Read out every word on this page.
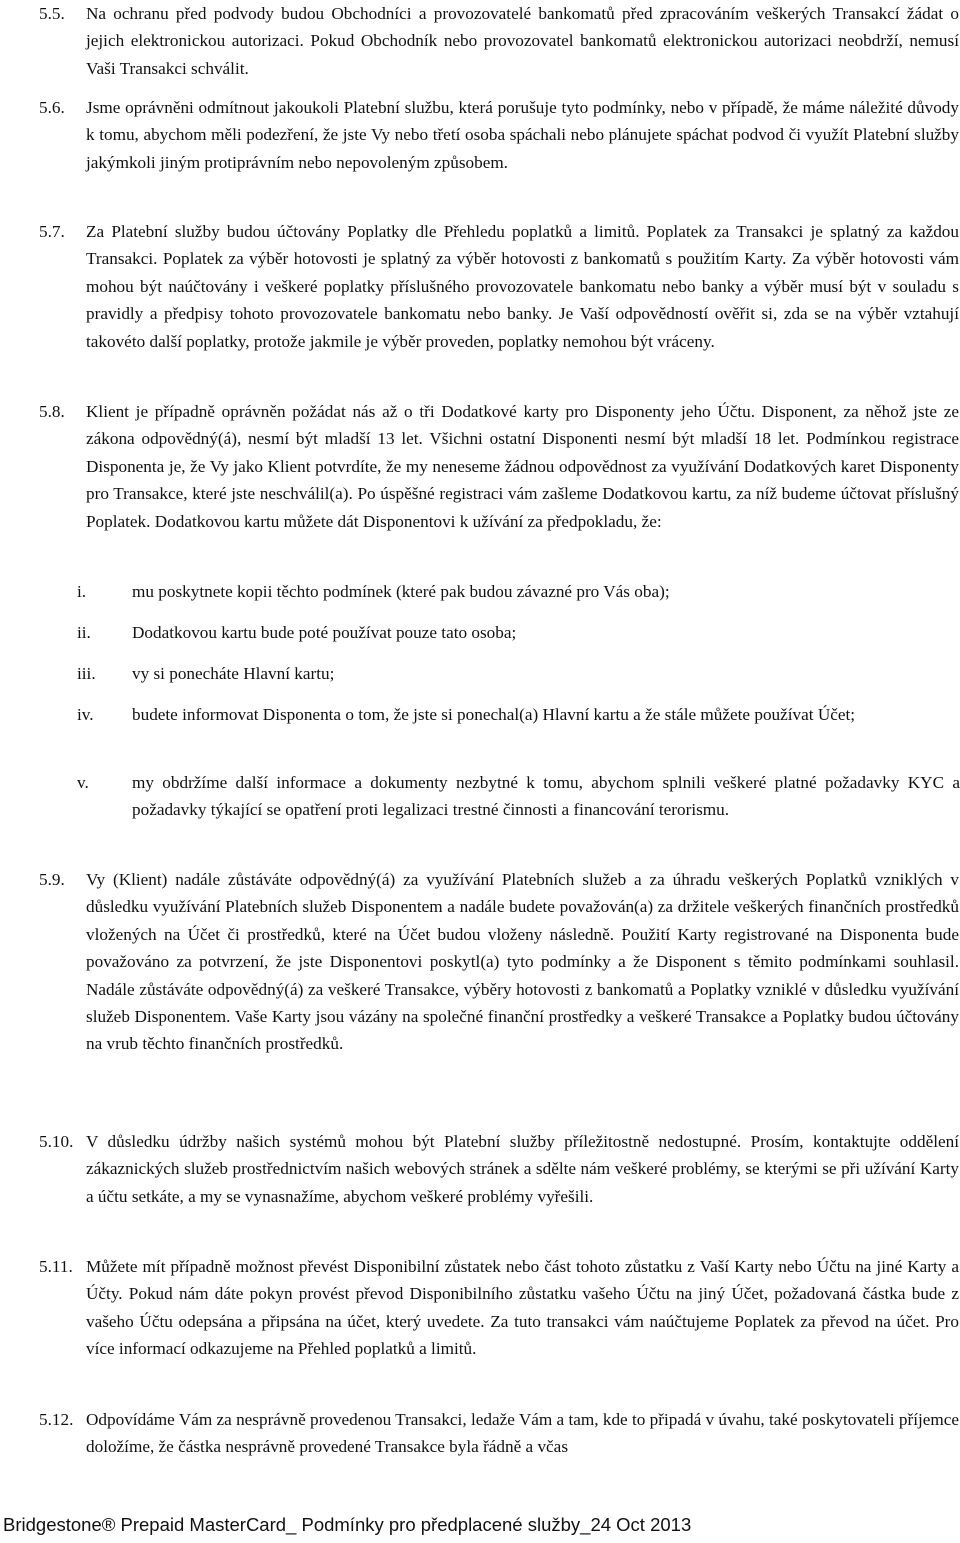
5.5.	Na ochranu před podvody budou Obchodníci a provozovatelé bankomatů před zpracováním veškerých Transakcí žádat o jejich elektronickou autorizaci. Pokud Obchodník nebo provozovatel bankomatů elektronickou autorizaci neobdrží, nemusí Vaši Transakci schválit.
5.6.	Jsme oprávněni odmítnout jakoukoli Platební službu, která porušuje tyto podmínky, nebo v případě, že máme náležité důvody k tomu, abychom měli podezření, že jste Vy nebo třetí osoba spáchali nebo plánujete spáchat podvod či využít Platební služby jakýmkoli jiným protiprávním nebo nepovoleným způsobem.
5.7.	Za Platební služby budou účtovány Poplatky dle Přehledu poplatků a limitů. Poplatek za Transakci je splatný za každou Transakci. Poplatek za výběr hotovosti je splatný za výběr hotovosti z bankomatů s použitím Karty. Za výběr hotovosti vám mohou být naúčtovány i veškeré poplatky příslušného provozovatele bankomatu nebo banky a výběr musí být v souladu s pravidly a předpisy tohoto provozovatele bankomatu nebo banky. Je Vaší odpovědností ověřit si, zda se na výběr vztahují takovéto další poplatky, protože jakmile je výběr proveden, poplatky nemohou být vráceny.
5.8.	Klient je případně oprávněn požádat nás až o tři Dodatkové karty pro Disponenty jeho Účtu. Disponent, za něhož jste ze zákona odpovědný(á), nesmí být mladší 13 let. Všichni ostatní Disponenti nesmí být mladší 18 let. Podmínkou registrace Disponenta je, že Vy jako Klient potvrdíte, že my neneseme žádnou odpovědnost za využívání Dodatkových karet Disponenty pro Transakce, které jste neschválil(a). Po úspěšné registraci vám zašleme Dodatkovou kartu, za níž budeme účtovat příslušný Poplatek. Dodatkovou kartu můžete dát Disponentovi k užívání za předpokladu, že:
i.	mu poskytnete kopii těchto podmínek (které pak budou závazné pro Vás oba);
ii.	Dodatkovou kartu bude poté používat pouze tato osoba;
iii.	vy si ponecháte Hlavní kartu;
iv.	budete informovat Disponenta o tom, že jste si ponechal(a) Hlavní kartu a že stále můžete používat Účet;
v.	my obdržíme další informace a dokumenty nezbytné k tomu, abychom splnili veškeré platné požadavky KYC a požadavky týkající se opatření proti legalizaci trestné činnosti a financování terorismu.
5.9.	Vy (Klient) nadále zůstáváte odpovědný(á) za využívání Platebních služeb a za úhradu veškerých Poplatků vzniklých v důsledku využívání Platebních služeb Disponentem a nadále budete považován(a) za držitele veškerých finančních prostředků vložených na Účet či prostředků, které na Účet budou vloženy následně. Použití Karty registrované na Disponenta bude považováno za potvrzení, že jste Disponentovi poskytl(a) tyto podmínky a že Disponent s těmito podmínkami souhlasil. Nadále zůstáváte odpovědný(á) za veškeré Transakce, výběry hotovosti z bankomatů a Poplatky vzniklé v důsledku využívání služeb Disponentem. Vaše Karty jsou vázány na společné finanční prostředky a veškeré Transakce a Poplatky budou účtovány na vrub těchto finančních prostředků.
5.10. V důsledku údržby našich systémů mohou být Platební služby příležitostně nedostupné. Prosím, kontaktujte oddělení zákaznických služeb prostřednictvím našich webových stránek a sdělte nám veškeré problémy, se kterými se při užívání Karty a účtu setkáte, a my se vynasnažíme, abychom veškeré problémy vyřešili.
5.11. Můžete mít případně možnost převést Disponibilní zůstatek nebo část tohoto zůstatku z Vaší Karty nebo Účtu na jiné Karty a Účty. Pokud nám dáte pokyn provést převod Disponibilního zůstatku vašeho Účtu na jiný Účet, požadovaná částka bude z vašeho Účtu odepsána a připsána na účet, který uvedete. Za tuto transakci vám naúčtujeme Poplatek za převod na účet. Pro více informací odkazujeme na Přehled poplatků a limitů.
5.12. Odpovídáme Vám za nesprávně provedenou Transakci, ledaže Vám a tam, kde to připadá v úvahu, také poskytovateli příjemce doložíme, že částka nesprávně provedené Transakce byla řádně a včas
Bridgestone® Prepaid MasterCard_ Podmínky pro předplacené služby_24 Oct 2013
